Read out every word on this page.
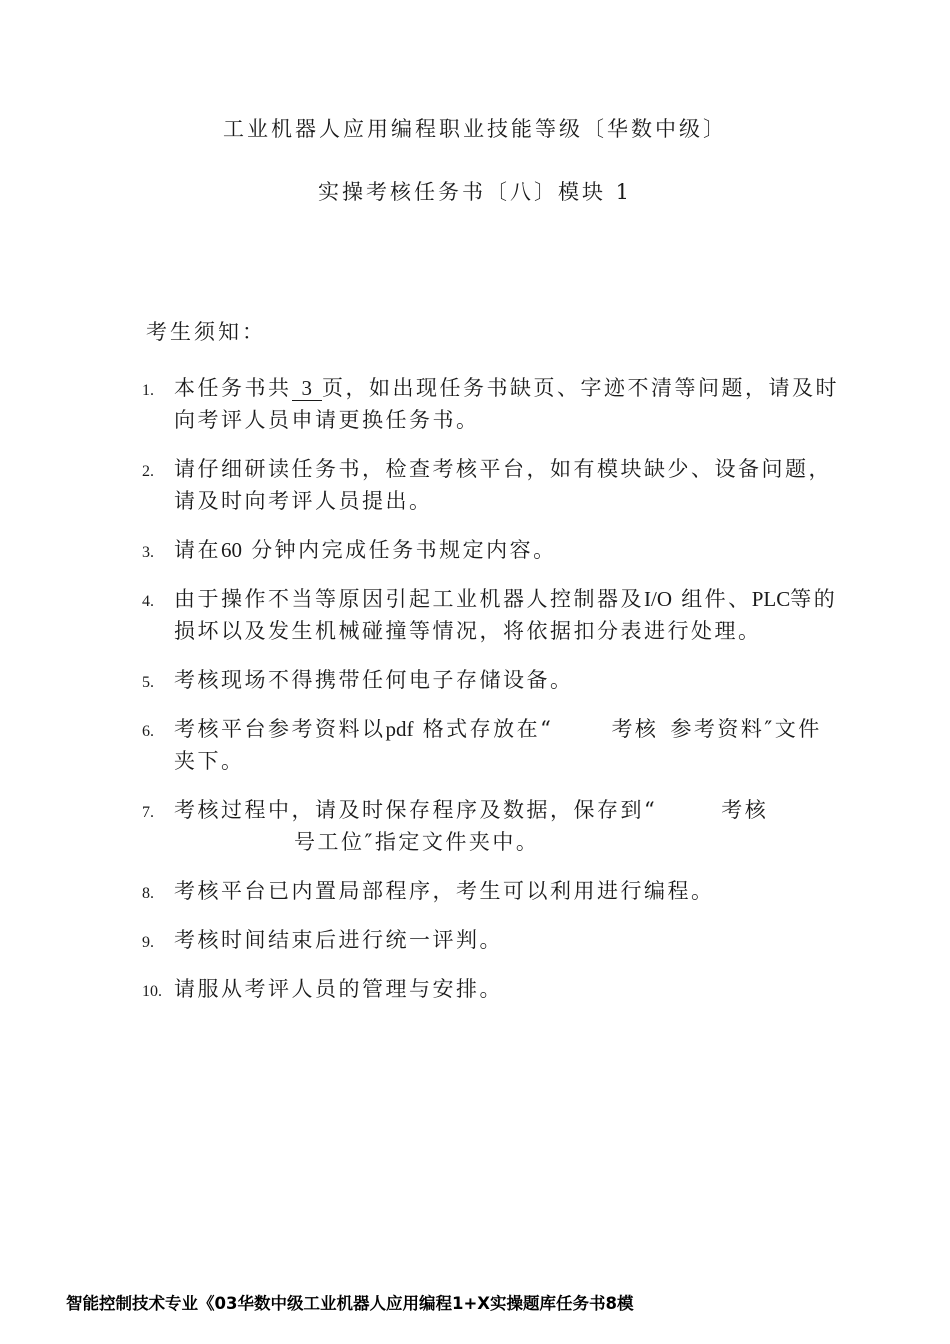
工业机器人应用编程职业技能等级〔华数中级〕
实操考核任务书〔八〕模块 1
考生须知：
1. 本任务书共 3 页，如出现任务书缺页、字迹不清等问题，请及时向考评人员申请更换任务书。
2. 请仔细研读任务书，检查考核平台，如有模块缺少、设备问题，请及时向考评人员提出。
3. 请在60 分钟内完成任务书规定内容。
4. 由于操作不当等原因引起工业机器人控制器及I/O 组件、PLC等的损坏以及发生机械碰撞等情况，将依据扣分表进行处理。
5. 考核现场不得携带任何电子存储设备。
6. 考核平台参考资料以pdf 格式存放在“	考核 参考资料″文件夹下。
7. 考核过程中，请及时保存程序及数据，保存到“	考核号工位″指定文件夹中。
8. 考核平台已内置局部程序，考生可以利用进行编程。
9. 考核时间结束后进行统一评判。
10. 请服从考评人员的管理与安排。
智能控制技术专业《03华数中级工业机器人应用编程1+X实操题库任务书8模
